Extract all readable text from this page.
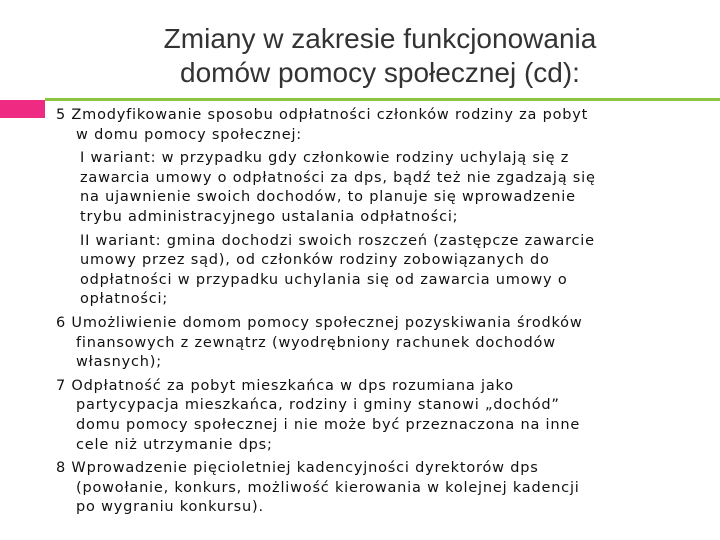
Zmiany w zakresie funkcjonowania
domów pomocy społecznej (cd):
5 Zmodyfikowanie sposobu odpłatności członków rodziny za pobyt
w domu pomocy społecznej:
I wariant: w przypadku gdy członkowie rodziny uchylają się z
zawarcia umowy o odpłatności za dps, bądź też nie zgadzają się
na ujawnienie swoich dochodów, to planuje się wprowadzenie
trybu administracyjnego ustalania odpłatności;
II wariant: gmina dochodzi swoich roszczeń (zastępcze zawarcie
umowy przez sąd), od członków rodziny zobowiązanych do
odpłatności w przypadku uchylania się od zawarcia umowy o
opłatności;
6 Umożliwienie domom pomocy społecznej pozyskiwania środków
finansowych z zewnątrz (wyodrębniony rachunek dochodów
własnych);
7 Odpłatność za pobyt mieszkańca w dps rozumiana jako
partycypacja mieszkańca, rodziny i gminy stanowi „dochód”
domu pomocy społecznej i nie może być przeznaczona na inne
cele niż utrzymanie dps;
8 Wprowadzenie pięcioletniej kadencyjności dyrektorów dps
(powołanie, konkurs, możliwość kierowania w kolejnej kadencji
po wygraniu konkursu).
